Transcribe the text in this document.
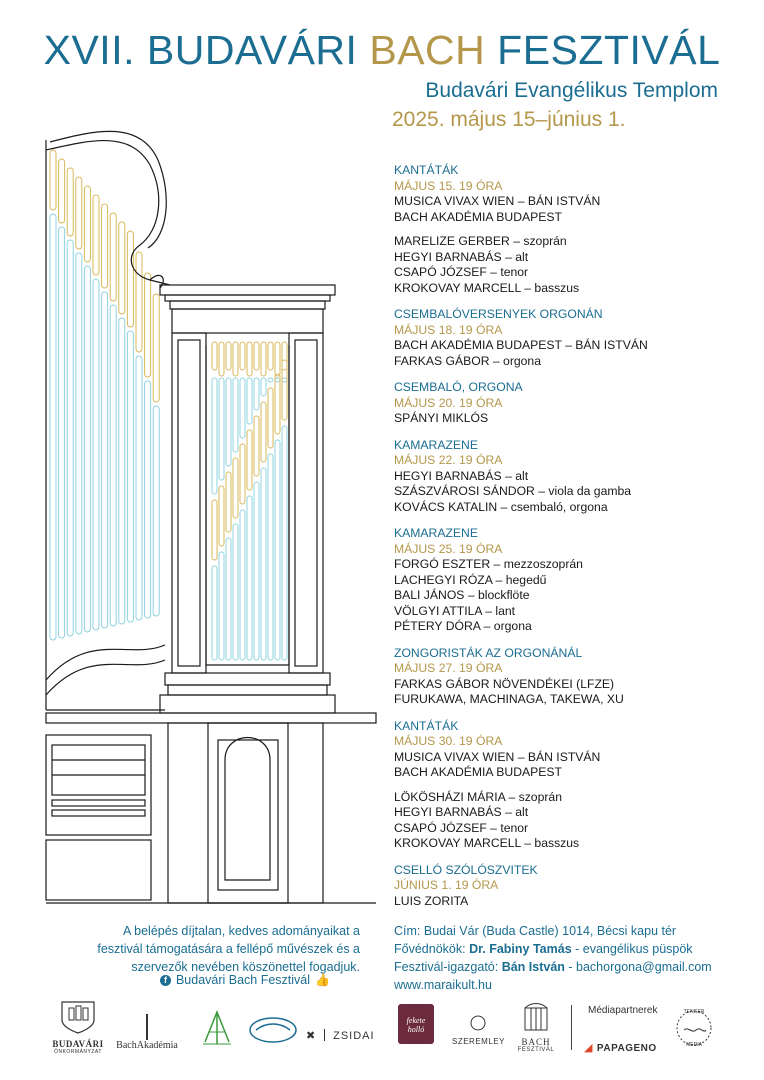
XVII. BUDAVÁRI BACH FESZTIVÁL
Budavári Evangélikus Templom
2025. május 15–június 1.
KANTÁTÁK
MÁJUS 15. 19 ÓRA
MUSICA VIVAX WIEN – BÁN ISTVÁN
BACH AKADÉMIA BUDAPEST
MARELIZE GERBER – szoprán
HEGYI BARNABÁS – alt
CSAPÓ JÓZSEF – tenor
KROKOVAY MARCELL – basszus
CSEMBALÓVERSENYEK ORGONÁN
MÁJUS 18. 19 ÓRA
BACH AKADÉMIA BUDAPEST – BÁN ISTVÁN
FARKAS GÁBOR – orgona
CSEMBALÓ, ORGONA
MÁJUS 20. 19 ÓRA
SPÁNYI MIKLÓS
KAMARAZENE
MÁJUS 22. 19 ÓRA
HEGYI BARNABÁS – alt
SZÁSZVÁROSI SÁNDOR – viola da gamba
KOVÁCS KATALIN – csembaló, orgona
KAMARAZENE
MÁJUS 25. 19 ÓRA
FORGÓ ESZTER – mezzoszoprán
LACHEGYI RÓZA – hegedű
BALI JÁNOS – blockflöte
VÖLGYI ATTILA – lant
PÉTERY DÓRA – orgona
ZONGORISTÁK AZ ORGONÁNÁL
MÁJUS 27. 19 ÓRA
FARKAS GÁBOR NÖVENDÉKEI (LFZE)
FURUKAWA, MACHINAGA, TAKEWA, XU
KANTÁTÁK
MÁJUS 30. 19 ÓRA
MUSICA VIVAX WIEN – BÁN ISTVÁN
BACH AKADÉMIA BUDAPEST
LÖKÖSHÁZI MÁRIA – szoprán
HEGYI BARNABÁS – alt
CSAPÓ JÓZSEF – tenor
KROKOVAY MARCELL – basszus
CSELLÓ SZÓLÓSZVITEK
JÚNIUS 1. 19 ÓRA
LUIS ZORITA
A belépés díjtalan, kedves adományaikat a
fesztivál támogatására a fellépő művészek és a
szervezők nevében köszönettel fogadjuk.
f Budavári Bach Fesztivál 👍
Cím: Budai Vár (Buda Castle) 1014, Bécsi kapu tér
Fővédnökök: Dr. Fabiny Tamás - evangélikus püspök
Fesztivál-igazgató: Bán István - bachorgona@gmail.com
www.maraikult.hu
BUDAVÁRI
ÖNKORMÁNYZAT
BachAkadémia
✖ ZSIDAI
fekete
holló
SZEREMLEY	BACH
FESZTIVÁL
Médiapartnerek
◢ PAPAGENO
TENGER
MÉDIA
